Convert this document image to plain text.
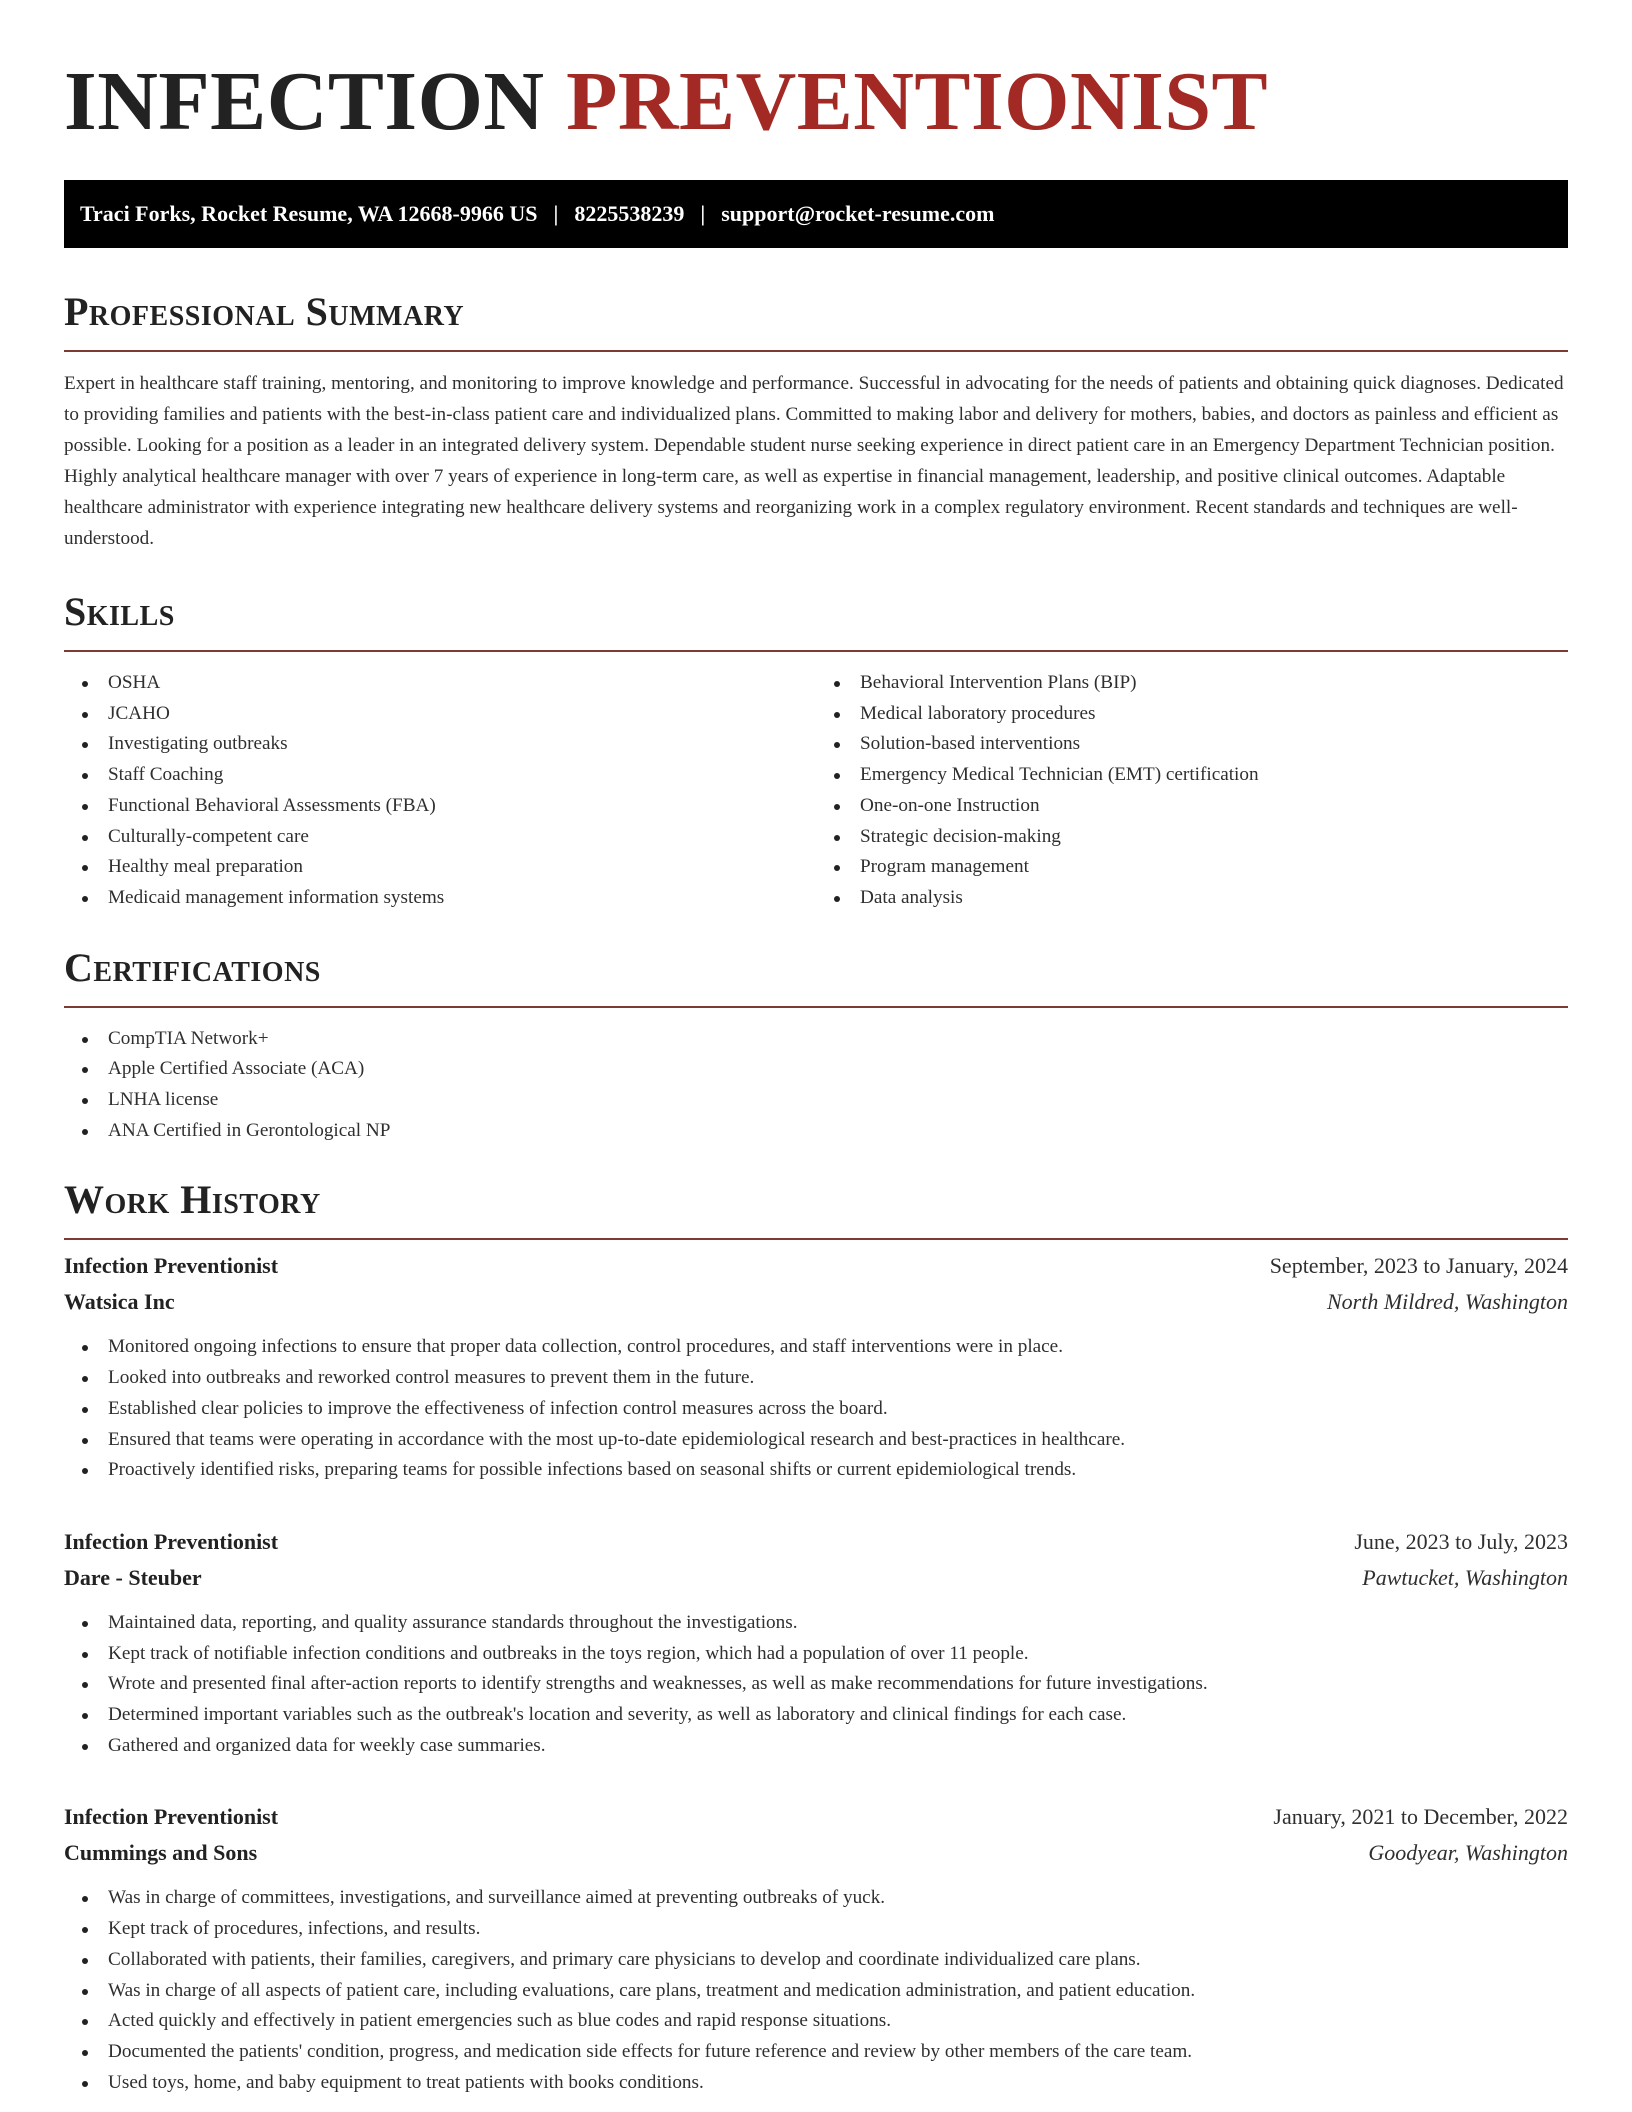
INFECTION PREVENTIONIST
Traci Forks, Rocket Resume, WA 12668-9966 US | 8225538239 | support@rocket-resume.com
Professional Summary

Expert in healthcare staff training, mentoring, and monitoring to improve knowledge and performance. Successful in advocating for the needs of patients and obtaining quick diagnoses. Dedicated to providing families and patients with the best-in-class patient care and individualized plans. Committed to making labor and delivery for mothers, babies, and doctors as painless and efficient as possible. Looking for a position as a leader in an integrated delivery system. Dependable student nurse seeking experience in direct patient care in an Emergency Department Technician position. Highly analytical healthcare manager with over 7 years of experience in long-term care, as well as expertise in financial management, leadership, and positive clinical outcomes. Adaptable healthcare administrator with experience integrating new healthcare delivery systems and reorganizing work in a complex regulatory environment. Recent standards and techniques are well-understood.

Skills
OSHA
JCAHO
Investigating outbreaks
Staff Coaching
Functional Behavioral Assessments (FBA)
Culturally-competent care
Healthy meal preparation
Medicaid management information systems
Behavioral Intervention Plans (BIP)
Medical laboratory procedures
Solution-based interventions
Emergency Medical Technician (EMT) certification
One-on-one Instruction
Strategic decision-making
Program management
Data analysis
Certifications
CompTIA Network+
Apple Certified Associate (ACA)
LNHA license
ANA Certified in Gerontological NP
Work History
Infection Preventionist	September, 2023 to January, 2024
Watsica Inc	North Mildred, Washington
Monitored ongoing infections to ensure that proper data collection, control procedures, and staff interventions were in place.
Looked into outbreaks and reworked control measures to prevent them in the future.
Established clear policies to improve the effectiveness of infection control measures across the board.
Ensured that teams were operating in accordance with the most up-to-date epidemiological research and best-practices in healthcare.
Proactively identified risks, preparing teams for possible infections based on seasonal shifts or current epidemiological trends.
Infection Preventionist	June, 2023 to July, 2023
Dare - Steuber	Pawtucket, Washington
Maintained data, reporting, and quality assurance standards throughout the investigations.
Kept track of notifiable infection conditions and outbreaks in the toys region, which had a population of over 11 people.
Wrote and presented final after-action reports to identify strengths and weaknesses, as well as make recommendations for future investigations.
Determined important variables such as the outbreak's location and severity, as well as laboratory and clinical findings for each case.
Gathered and organized data for weekly case summaries.
Infection Preventionist	January, 2021 to December, 2022
Cummings and Sons	Goodyear, Washington
Was in charge of committees, investigations, and surveillance aimed at preventing outbreaks of yuck.
Kept track of procedures, infections, and results.
Collaborated with patients, their families, caregivers, and primary care physicians to develop and coordinate individualized care plans.
Was in charge of all aspects of patient care, including evaluations, care plans, treatment and medication administration, and patient education.
Acted quickly and effectively in patient emergencies such as blue codes and rapid response situations.
Documented the patients' condition, progress, and medication side effects for future reference and review by other members of the care team.
Used toys, home, and baby equipment to treat patients with books conditions.
